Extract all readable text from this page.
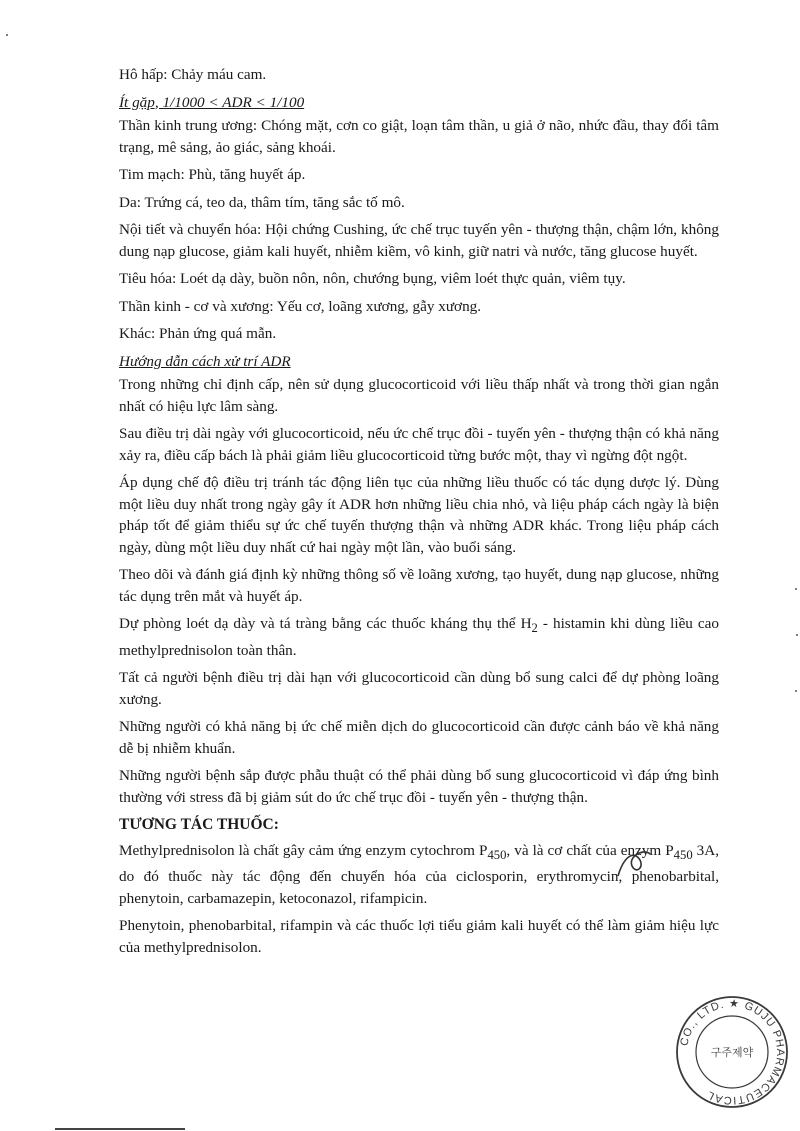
Hô hấp: Chảy máu cam.

Ít gặp, 1/1000 < ADR < 1/100

Thần kinh trung ương: Chóng mặt, cơn co giật, loạn tâm thần, u giả ở não, nhức đầu, thay đổi tâm trạng, mê sảng, ảo giác, sảng khoái.

Tim mạch: Phù, tăng huyết áp.

Da: Trứng cá, teo da, thâm tím, tăng sắc tố mô.

Nội tiết và chuyển hóa: Hội chứng Cushing, ức chế trục tuyến yên - thượng thận, chậm lớn, không dung nạp glucose, giảm kali huyết, nhiễm kiềm, vô kinh, giữ natri và nước, tăng glucose huyết.

Tiêu hóa: Loét dạ dày, buồn nôn, nôn, chướng bụng, viêm loét thực quản, viêm tụy.

Thần kinh - cơ và xương: Yếu cơ, loãng xương, gẫy xương.

Khác: Phản ứng quá mẫn.

Hướng dẫn cách xử trí ADR

Trong những chỉ định cấp, nên sử dụng glucocorticoid với liều thấp nhất và trong thời gian ngắn nhất có hiệu lực lâm sàng.

Sau điều trị dài ngày với glucocorticoid, nếu ức chế trục đồi - tuyến yên - thượng thận có khả năng xảy ra, điều cấp bách là phải giảm liều glucocorticoid từng bước một, thay vì ngừng đột ngột.

Áp dụng chế độ điều trị tránh tác động liên tục của những liều thuốc có tác dụng dược lý. Dùng một liều duy nhất trong ngày gây ít ADR hơn những liều chia nhỏ, và liệu pháp cách ngày là biện pháp tốt để giảm thiểu sự ức chế tuyến thượng thận và những ADR khác. Trong liệu pháp cách ngày, dùng một liều duy nhất cứ hai ngày một lần, vào buổi sáng.

Theo dõi và đánh giá định kỳ những thông số về loãng xương, tạo huyết, dung nạp glucose, những tác dụng trên mắt và huyết áp.

Dự phòng loét dạ dày và tá tràng bằng các thuốc kháng thụ thể $H_2$ - histamin khi dùng liều cao methylprednisolon toàn thân.

Tất cả người bệnh điều trị dài hạn với glucocorticoid cần dùng bổ sung calci để dự phòng loãng xương.

Những người có khả năng bị ức chế miễn dịch do glucocorticoid cần được cảnh báo về khả năng dễ bị nhiễm khuẩn.

Những người bệnh sắp được phẫu thuật có thể phải dùng bổ sung glucocorticoid vì đáp ứng bình thường với stress đã bị giảm sút do ức chế trục đồi - tuyến yên - thượng thận.

TƯƠNG TÁC THUỐC:

Methylprednisolon là chất gây cảm ứng enzym cytochrom $P_{450}$, và là cơ chất của enzym $P_{450}$ 3A, do đó thuốc này tác động đến chuyển hóa của ciclosporin, erythromycin, phenobarbital, phenytoin, carbamazepin, ketoconazol, rifampicin.

Phenytoin, phenobarbital, rifampin và các thuốc lợi tiểu giảm kali huyết có thể làm giảm hiệu lực của methylprednisolon.

CO., LTD. ★ GUJU PHARMACEUTICAL
구주제약
